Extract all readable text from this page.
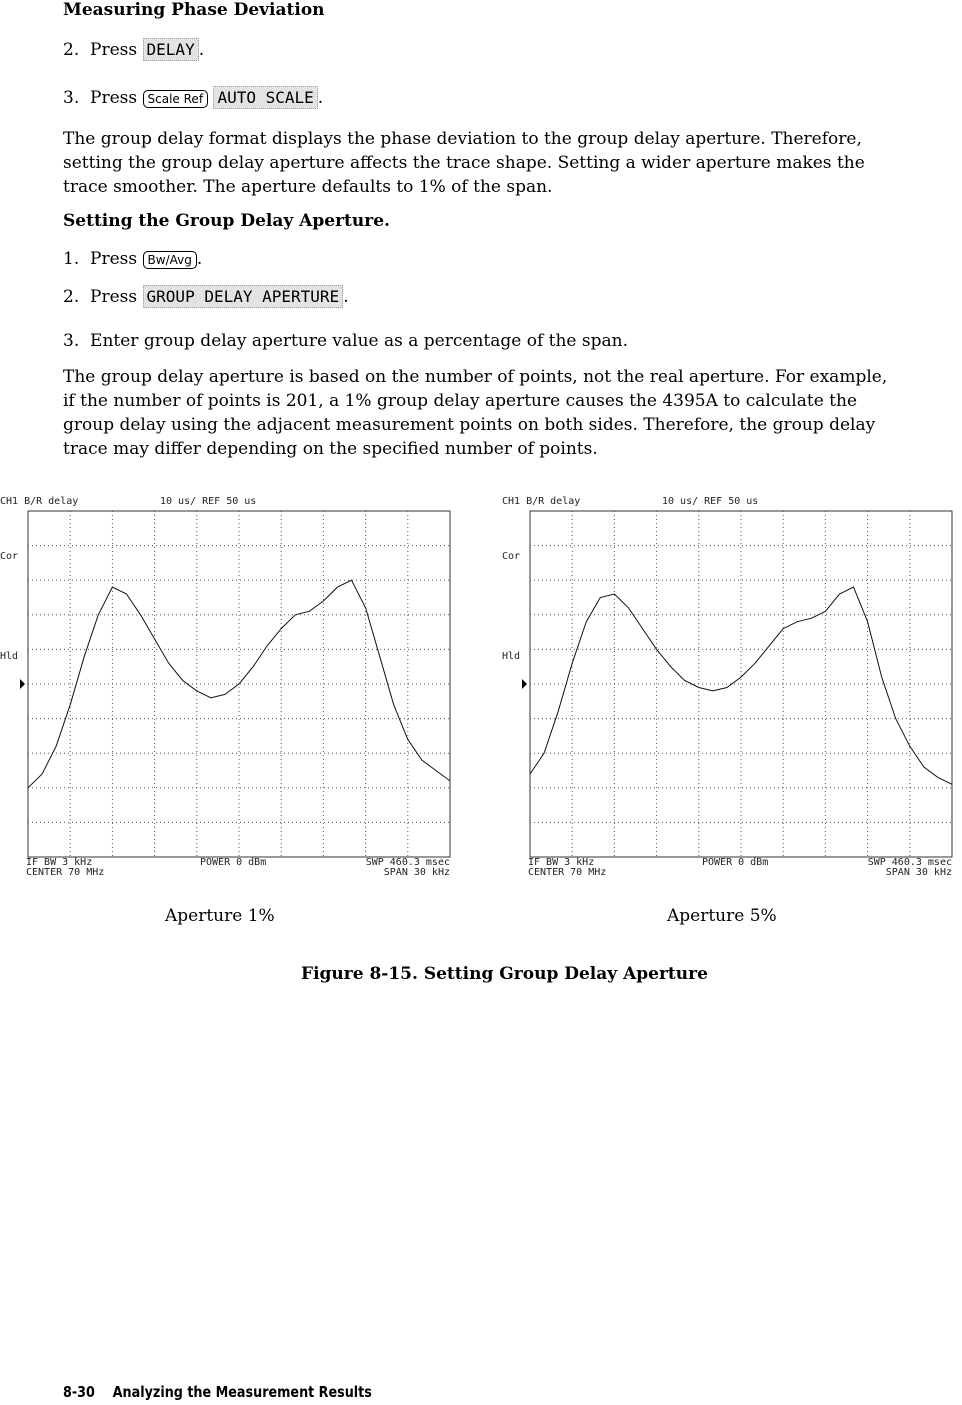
Measuring Phase Deviation
2. Press DELAY .
3. Press Scale Ref AUTO SCALE .
The group delay format displays the phase deviation to the group delay aperture. Therefore,
setting the group delay aperture affects the trace shape. Setting a wider aperture makes the
trace smoother. The aperture defaults to 1% of the span.
Setting the Group Delay Aperture.
1. Press Bw/Avg .
2. Press GROUP DELAY APERTURE .
3. Enter group delay aperture value as a percentage of the span.
The group delay aperture is based on the number of points, not the real aperture. For example,
if the number of points is 201, a 1% group delay aperture causes the 4395A to calculate the
group delay using the adjacent measurement points on both sides. Therefore, the group delay
trace may differ depending on the specified number of points.
CH1 B/R delay	10 us/ REF 50 us
Cor
Hld
IF BW 3 kHz	POWER 0 dBm	SWP 460.3 msec
CENTER 70 MHz	SPAN 30 kHz
CH1 B/R delay	10 us/ REF 50 us
Cor
Hld
IF BW 3 kHz	POWER 0 dBm	SWP 460.3 msec
CENTER 70 MHz	SPAN 30 kHz
Aperture 1%	Aperture 5%
Figure 8-15. Setting Group Delay Aperture
8-30 Analyzing the Measurement Results
